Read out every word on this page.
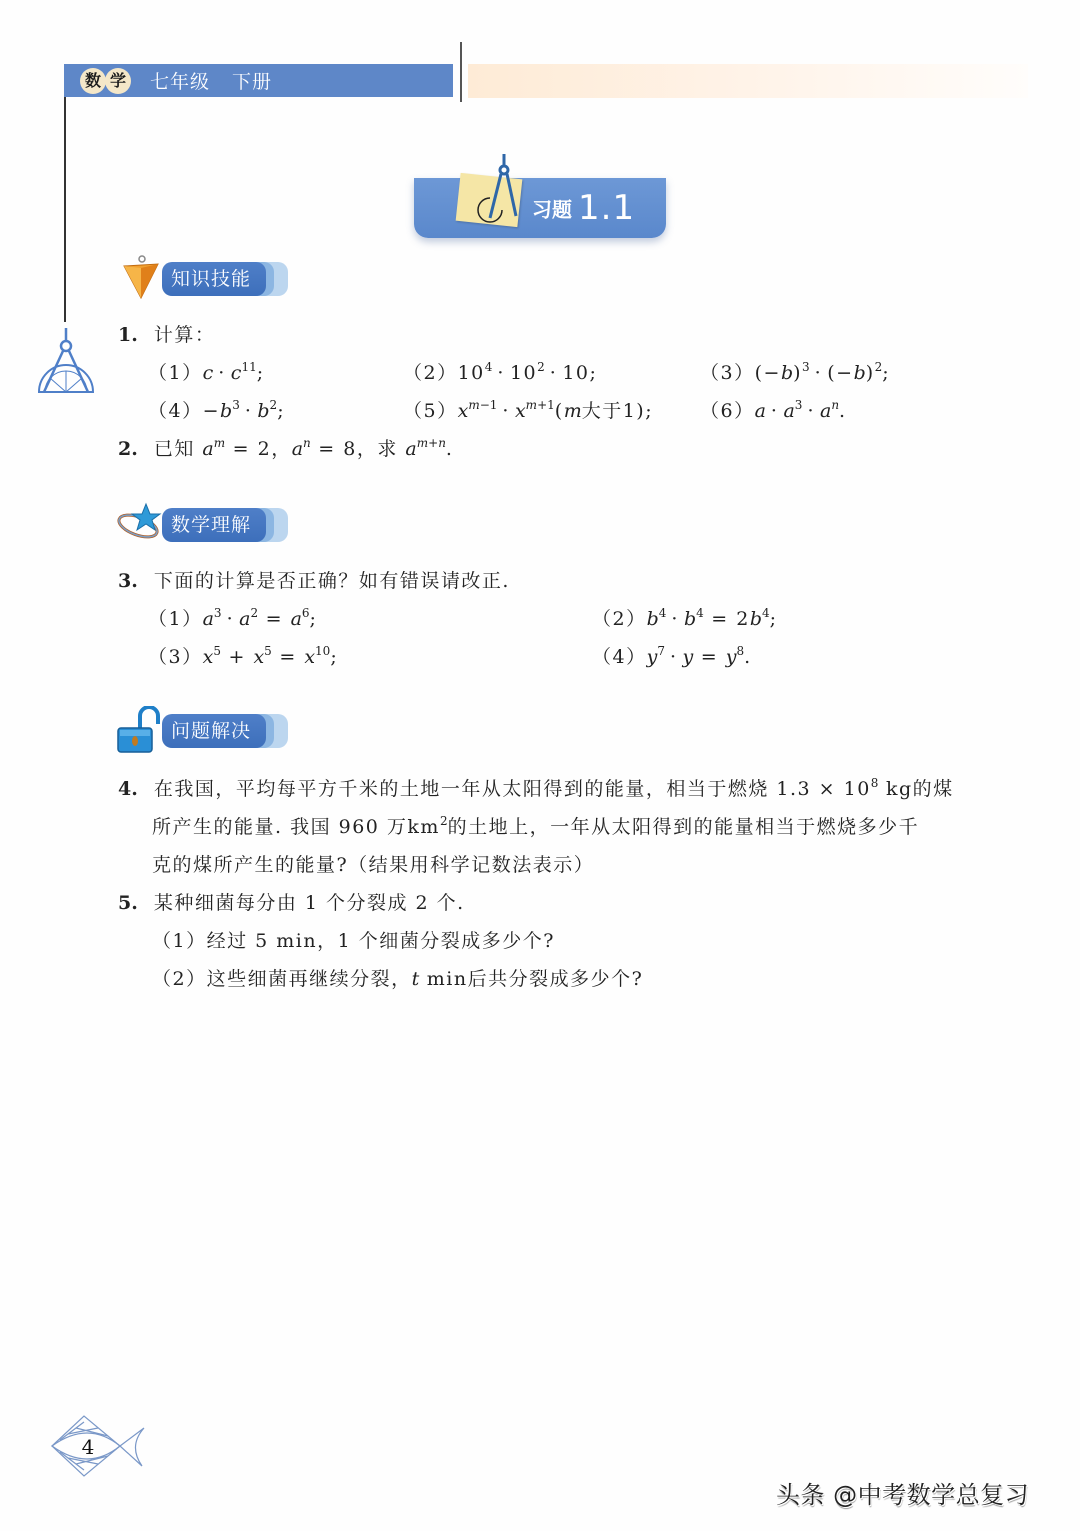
数 学 七年级 下册
习题 1.1
知识技能
1. 计算：
$(1)c \cdot c^{11}$;	$(2)10^4 \cdot 10^2 \cdot 10$;	$(3)(-b)^3 \cdot (-b)^2$;
$(4)-b^3 \cdot b^2$;	$(5)x^{m-1} \cdot x^{m+1}(m$大于1); $(6)a \cdot a^3 \cdot a^n$.
2. 已知 $a^m = 2$，$a^n = 8$，求 $a^{m+n}$.
数学理解
3. 下面的计算是否正确？如有错误请改正.
$(1)a^3 \cdot a^2 = a^6$;	$(2)b^4 \cdot b^4 = 2b^4$;
$(3)x^5 + x^5 = x^{10}$;	$(4)y^7 \cdot y = y^8$.
问题解决
4. 在我国，平均每平方千米的土地一年从太阳得到的能量，相当于燃烧 $1.3 \times 10^8$ kg的煤
所产生的能量. 我国 960 万$km^2$的土地上，一年从太阳得到的能量相当于燃烧多少千
克的煤所产生的能量?（结果用科学记数法表示）
5. 某种细菌每分由 1 个分裂成 2 个.
（1）经过 5 min，1 个细菌分裂成多少个?
（2）这些细菌再继续分裂，t min后共分裂成多少个?
4
头条 @中考数学总复习
